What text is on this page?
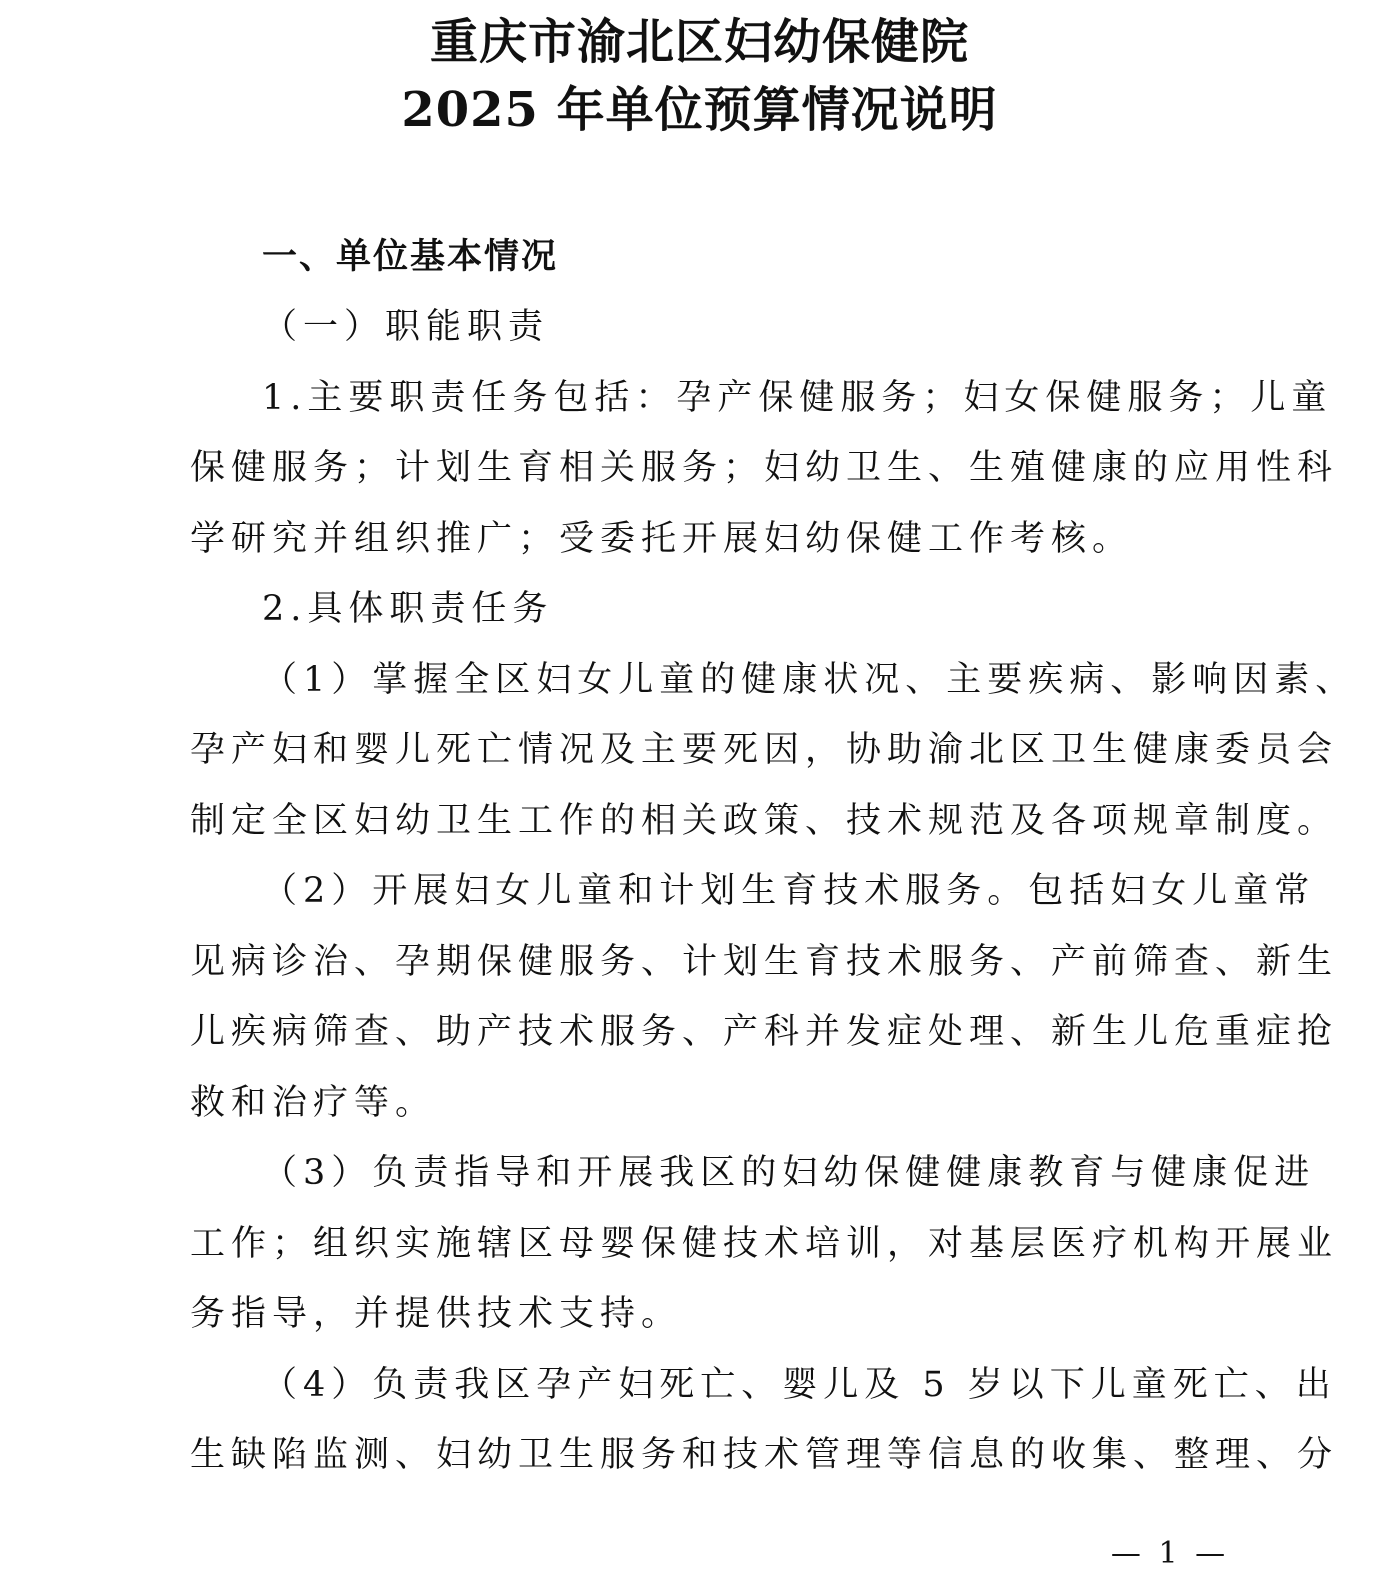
重庆市渝北区妇幼保健院
2025 年单位预算情况说明
一、单位基本情况
（一）职能职责
1.主要职责任务包括：孕产保健服务；妇女保健服务；儿童
保健服务；计划生育相关服务；妇幼卫生、生殖健康的应用性科
学研究并组织推广；受委托开展妇幼保健工作考核。
2.具体职责任务
（1）掌握全区妇女儿童的健康状况、主要疾病、影响因素、
孕产妇和婴儿死亡情况及主要死因，协助渝北区卫生健康委员会
制定全区妇幼卫生工作的相关政策、技术规范及各项规章制度。
（2）开展妇女儿童和计划生育技术服务。包括妇女儿童常
见病诊治、孕期保健服务、计划生育技术服务、产前筛查、新生
儿疾病筛查、助产技术服务、产科并发症处理、新生儿危重症抢
救和治疗等。
（3）负责指导和开展我区的妇幼保健健康教育与健康促进
工作；组织实施辖区母婴保健技术培训，对基层医疗机构开展业
务指导，并提供技术支持。
（4）负责我区孕产妇死亡、婴儿及 5 岁以下儿童死亡、出
生缺陷监测、妇幼卫生服务和技术管理等信息的收集、整理、分
— 1 —
